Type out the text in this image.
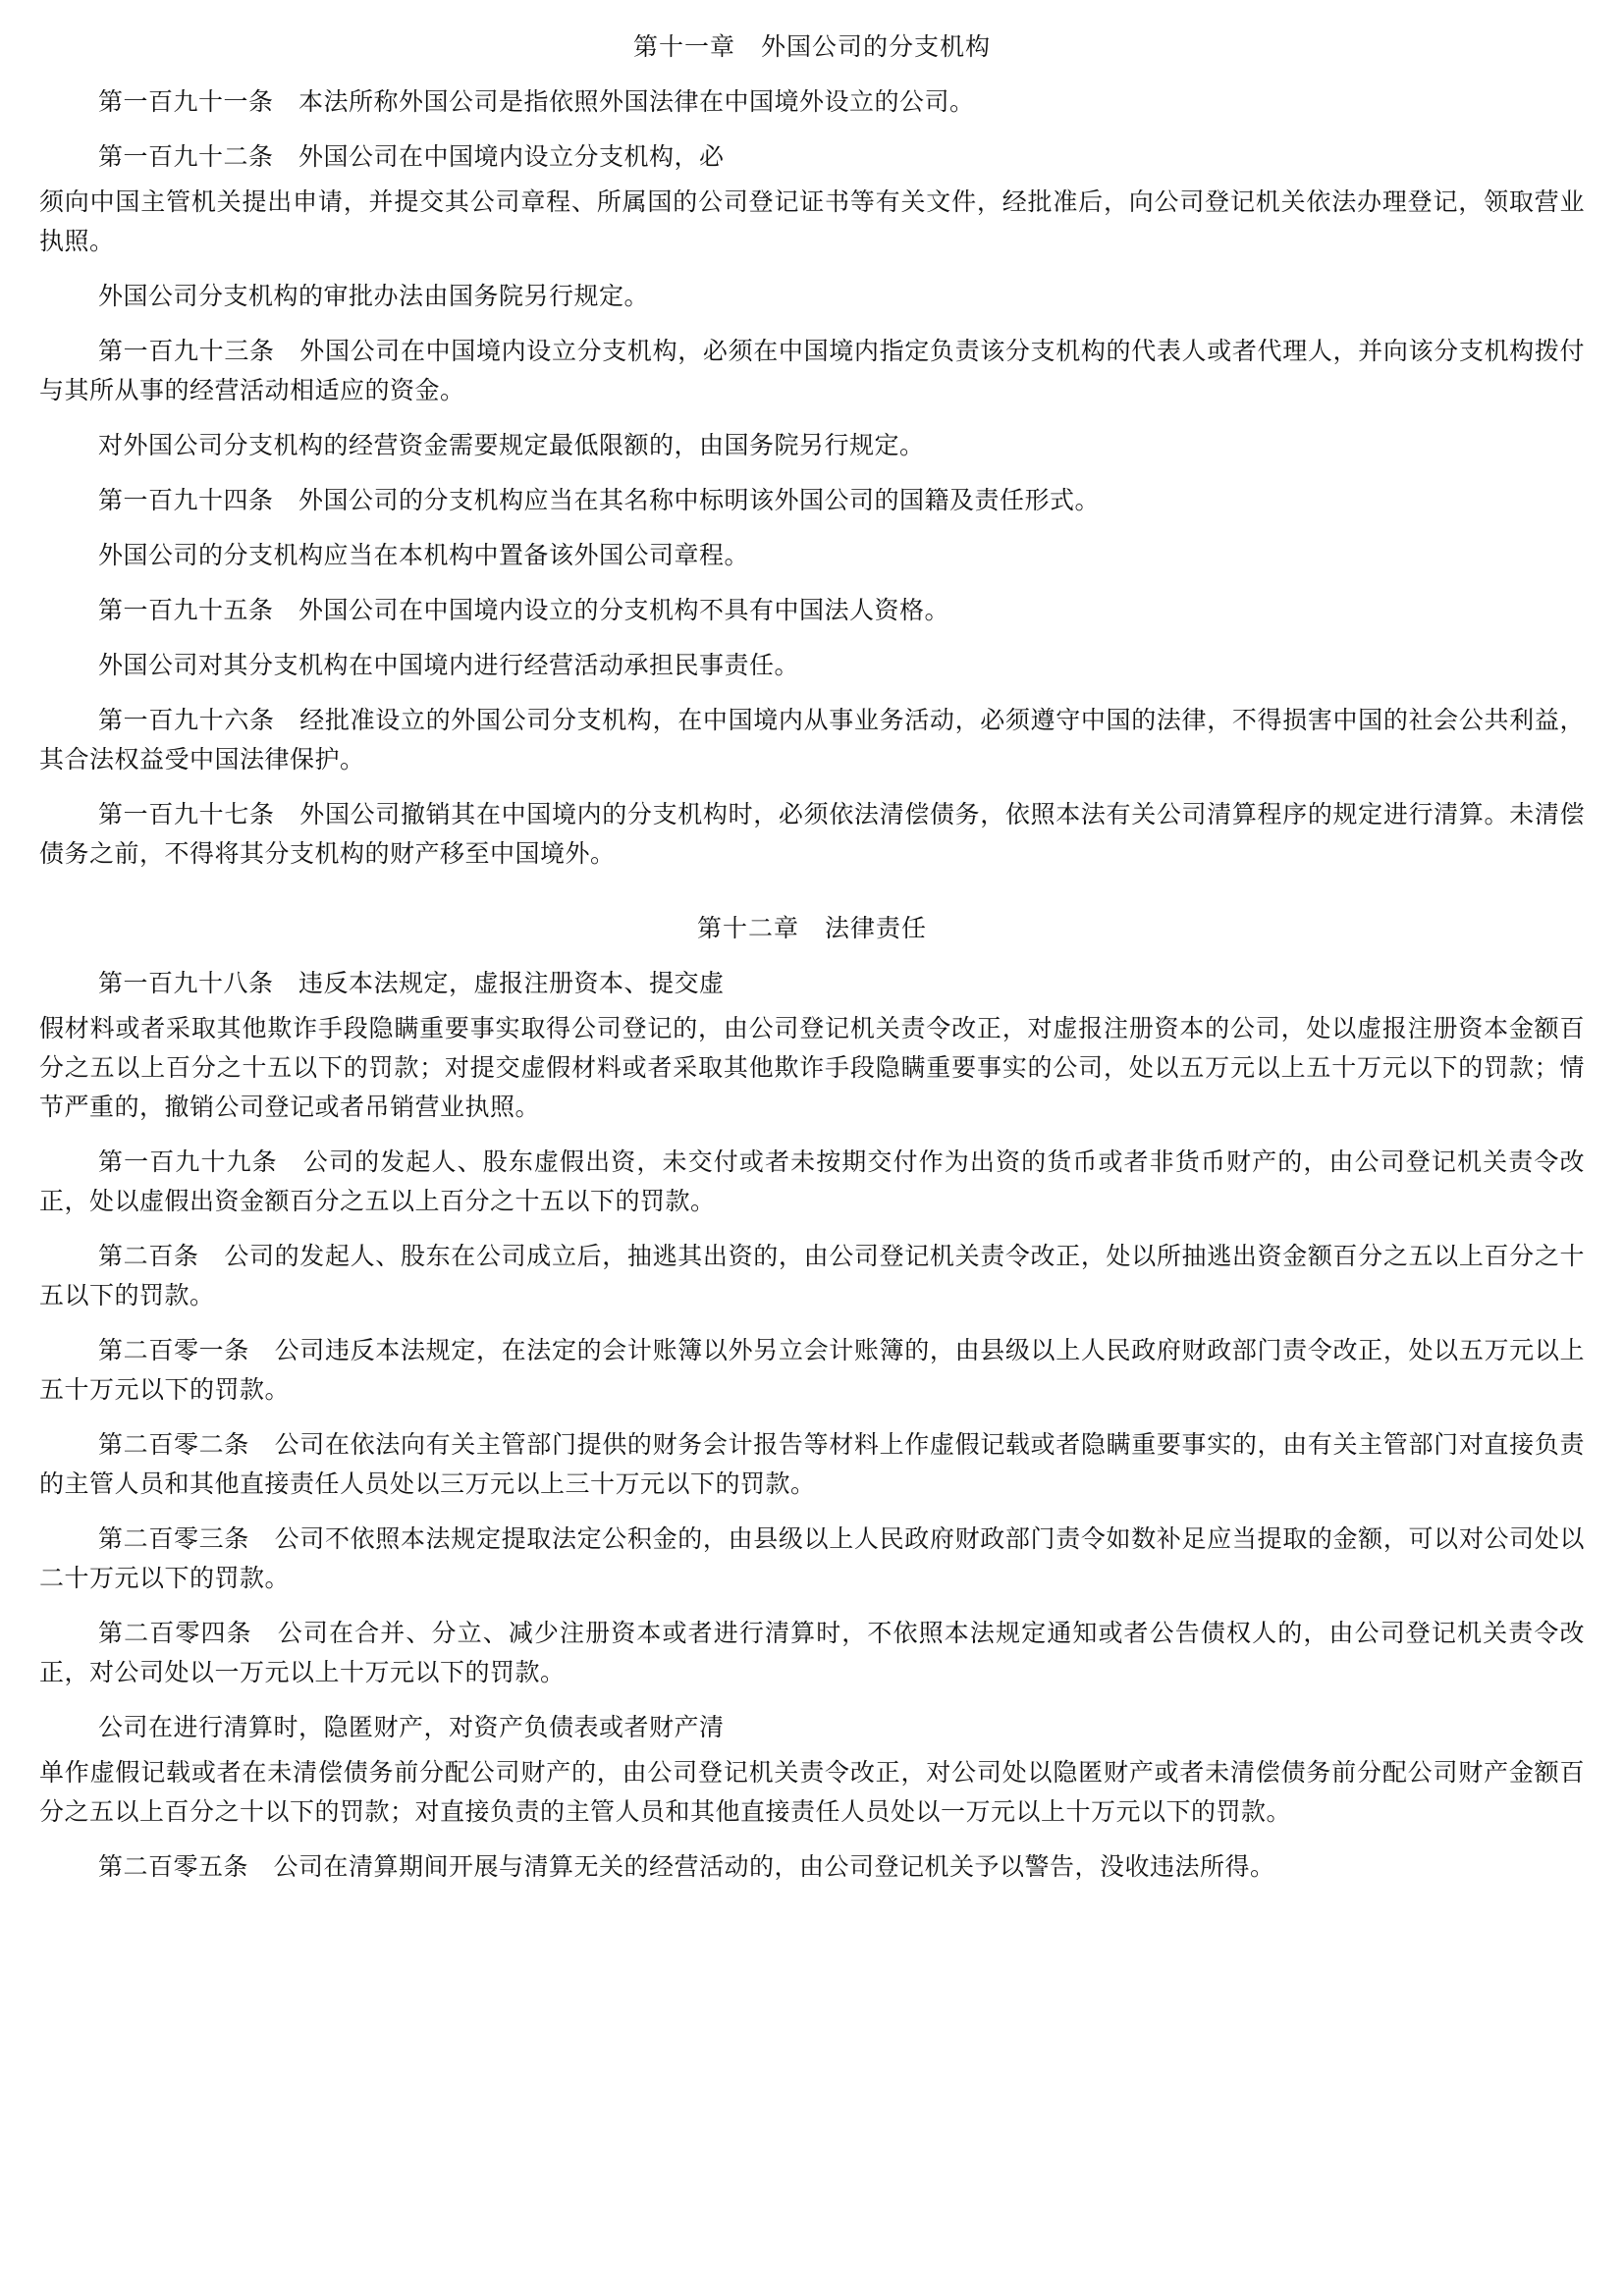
第十一章　外国公司的分支机构

第一百九十一条　本法所称外国公司是指依照外国法律在中国境外设立的公司。

第一百九十二条　外国公司在中国境内设立分支机构，必

须向中国主管机关提出申请，并提交其公司章程、所属国的公司登记证书等有关文件，经批准后，向公司登记机关依法办理登记，领取营业执照。

外国公司分支机构的审批办法由国务院另行规定。

第一百九十三条　外国公司在中国境内设立分支机构，必须在中国境内指定负责该分支机构的代表人或者代理人，并向该分支机构拨付与其所从事的经营活动相适应的资金。

对外国公司分支机构的经营资金需要规定最低限额的，由国务院另行规定。

第一百九十四条　外国公司的分支机构应当在其名称中标明该外国公司的国籍及责任形式。

外国公司的分支机构应当在本机构中置备该外国公司章程。

第一百九十五条　外国公司在中国境内设立的分支机构不具有中国法人资格。

外国公司对其分支机构在中国境内进行经营活动承担民事责任。

第一百九十六条　经批准设立的外国公司分支机构，在中国境内从事业务活动，必须遵守中国的法律，不得损害中国的社会公共利益，其合法权益受中国法律保护。

第一百九十七条　外国公司撤销其在中国境内的分支机构时，必须依法清偿债务，依照本法有关公司清算程序的规定进行清算。未清偿债务之前，不得将其分支机构的财产移至中国境外。

第十二章　法律责任

第一百九十八条　违反本法规定，虚报注册资本、提交虚

假材料或者采取其他欺诈手段隐瞒重要事实取得公司登记的，由公司登记机关责令改正，对虚报注册资本的公司，处以虚报注册资本金额百分之五以上百分之十五以下的罚款；对提交虚假材料或者采取其他欺诈手段隐瞒重要事实的公司，处以五万元以上五十万元以下的罚款；情节严重的，撤销公司登记或者吊销营业执照。

第一百九十九条　公司的发起人、股东虚假出资，未交付或者未按期交付作为出资的货币或者非货币财产的，由公司登记机关责令改正，处以虚假出资金额百分之五以上百分之十五以下的罚款。

第二百条　公司的发起人、股东在公司成立后，抽逃其出资的，由公司登记机关责令改正，处以所抽逃出资金额百分之五以上百分之十五以下的罚款。

第二百零一条　公司违反本法规定，在法定的会计账簿以外另立会计账簿的，由县级以上人民政府财政部门责令改正，处以五万元以上五十万元以下的罚款。

第二百零二条　公司在依法向有关主管部门提供的财务会计报告等材料上作虚假记载或者隐瞒重要事实的，由有关主管部门对直接负责的主管人员和其他直接责任人员处以三万元以上三十万元以下的罚款。

第二百零三条　公司不依照本法规定提取法定公积金的，由县级以上人民政府财政部门责令如数补足应当提取的金额，可以对公司处以二十万元以下的罚款。

第二百零四条　公司在合并、分立、减少注册资本或者进行清算时，不依照本法规定通知或者公告债权人的，由公司登记机关责令改正，对公司处以一万元以上十万元以下的罚款。

公司在进行清算时，隐匿财产，对资产负债表或者财产清

单作虚假记载或者在未清偿债务前分配公司财产的，由公司登记机关责令改正，对公司处以隐匿财产或者未清偿债务前分配公司财产金额百分之五以上百分之十以下的罚款；对直接负责的主管人员和其他直接责任人员处以一万元以上十万元以下的罚款。

第二百零五条　公司在清算期间开展与清算无关的经营活动的，由公司登记机关予以警告，没收违法所得。
